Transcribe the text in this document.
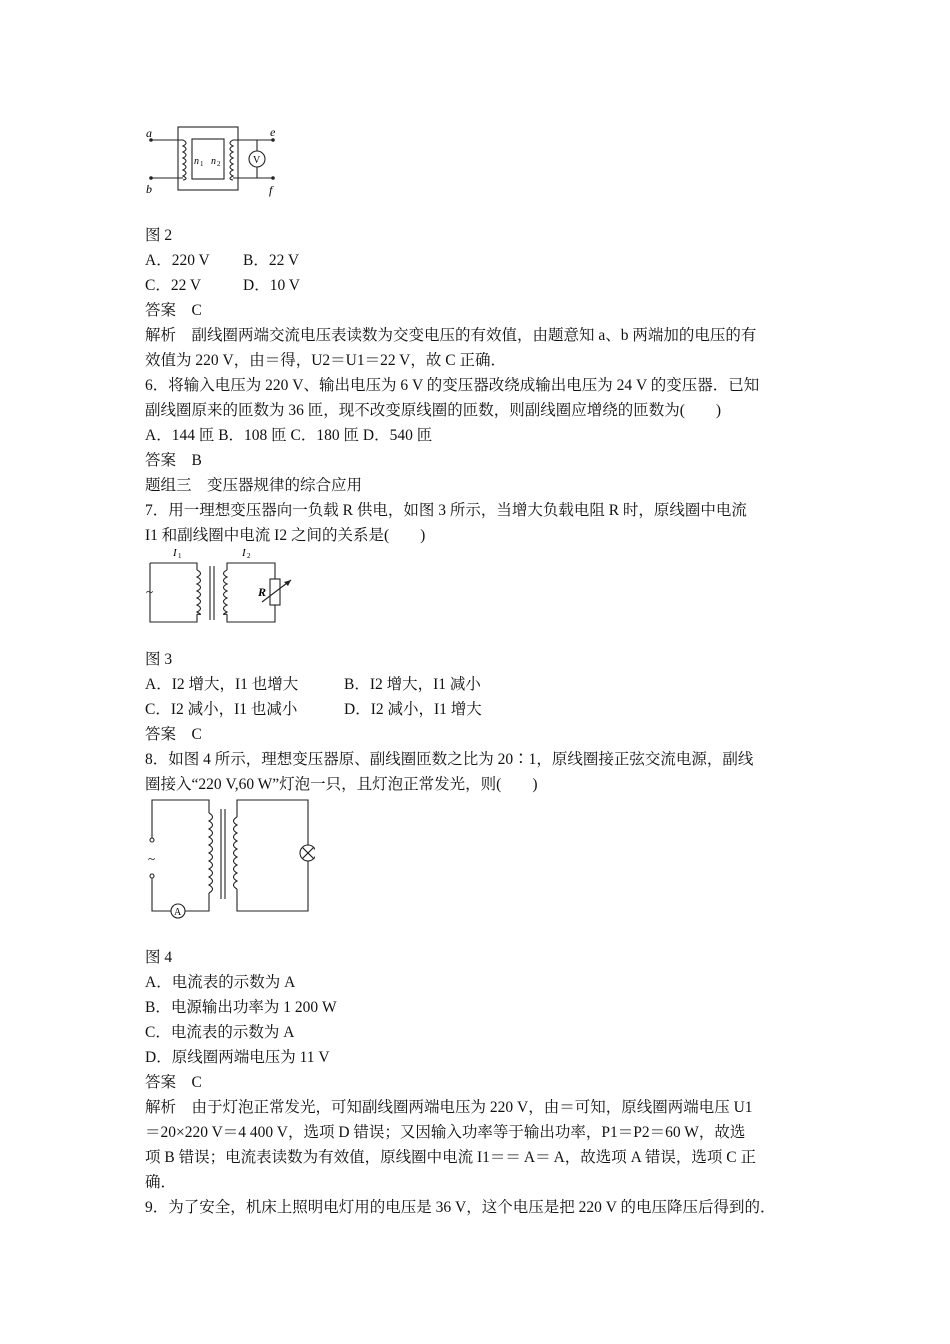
a
b
e
f
n 1 n 2	V
图 2
A．220 V B．22 V
C．22 V	D．10 V
答案　C
解析　副线圈两端交流电压表读数为交变电压的有效值，由题意知 a、b 两端加的电压的有
效值为 220 V，由＝得，U2＝U1＝22 V，故 C 正确．
6．将输入电压为 220 V、输出电压为 6 V 的变压器改绕成输出电压为 24 V 的变压器．已知
副线圈原来的匝数为 36 匝，现不改变原线圈的匝数，则副线圈应增绕的匝数为(　　)
A．144 匝 B．108 匝 C．180 匝 D．540 匝
答案　B
题组三　变压器规律的综合应用
7．用一理想变压器向一负载 R 供电，如图 3 所示，当增大负载电阻 R 时，原线圈中电流
I1 和副线圈中电流 I2 之间的关系是(　　)
~
I 1	I 2
R
图 3
A．I2 增大，I1 也增大	B．I2 增大，I1 减小
C．I2 减小，I1 也减小	D．I2 减小，I1 增大
答案　C
8．如图 4 所示，理想变压器原、副线圈匝数之比为 20∶1，原线圈接正弦交流电源，副线
圈接入“220 V,60 W”灯泡一只，且灯泡正常发光，则(　　)
~
A
图 4
A．电流表的示数为 A
B．电源输出功率为 1 200 W
C．电流表的示数为 A
D．原线圈两端电压为 11 V
答案　C
解析　由于灯泡正常发光，可知副线圈两端电压为 220 V，由＝可知，原线圈两端电压 U1
＝20×220 V＝4 400 V，选项 D 错误；又因输入功率等于输出功率，P1＝P2＝60 W，故选
项 B 错误；电流表读数为有效值，原线圈中电流 I1＝＝ A＝ A，故选项 A 错误，选项 C 正
确．
9．为了安全，机床上照明电灯用的电压是 36 V，这个电压是把 220 V 的电压降压后得到的．
